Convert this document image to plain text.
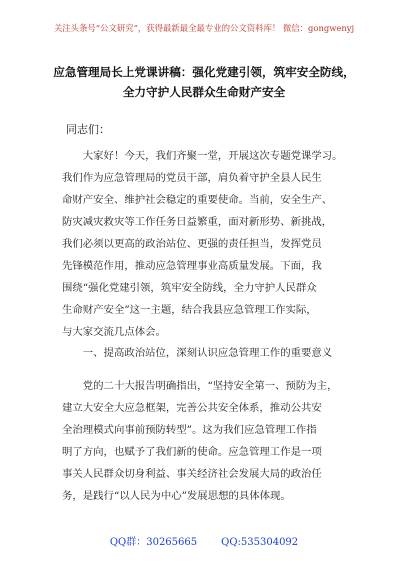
关注头条号“公文研究”，获得最新最全最专业的公文资料库！ 微信：gongwenyj
应急管理局长上党课讲稿：强化党建引领，筑牢安全防线，
全力守护人民群众生命财产安全
同志们：
　　大家好！今天，我们齐聚一堂，开展这次专题党课学习。
我们作为应急管理局的党员干部，肩负着守护全县人民生
命财产安全、维护社会稳定的重要使命。当前，安全生产、
防灾减灾救灾等工作任务日益繁重，面对新形势、新挑战，
我们必须以更高的政治站位、更强的责任担当，发挥党员
先锋模范作用，推动应急管理事业高质量发展。下面，我
围绕“强化党建引领，筑牢安全防线，全力守护人民群众
生命财产安全”这一主题，结合我县应急管理工作实际，
与大家交流几点体会。
　　一、提高政治站位，深刻认识应急管理工作的重要意义
　　党的二十大报告明确指出，“坚持安全第一、预防为主，
建立大安全大应急框架，完善公共安全体系，推动公共安
全治理模式向事前预防转型”。这为我们应急管理工作指
明了方向，也赋予了我们新的使命。应急管理工作是一项
事关人民群众切身利益、事关经济社会发展大局的政治任
务，是践行“以人民为中心”发展思想的具体体现。
QQ群：30265665 QQ:535304092
